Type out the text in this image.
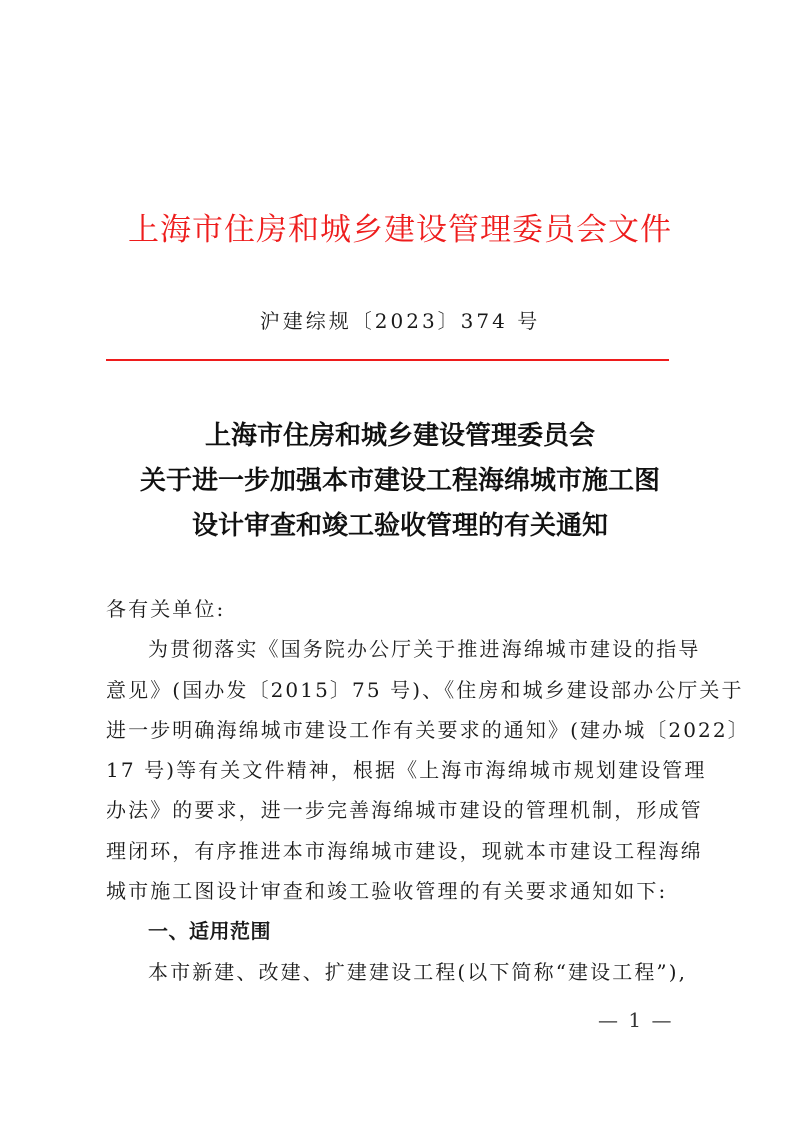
上海市住房和城乡建设管理委员会文件
沪建综规〔2023〕374 号
上海市住房和城乡建设管理委员会
关于进一步加强本市建设工程海绵城市施工图
设计审查和竣工验收管理的有关通知
各有关单位:
为贯彻落实《国务院办公厅关于推进海绵城市建设的指导
意见》(国办发〔2015〕75 号)、《住房和城乡建设部办公厅关于
进一步明确海绵城市建设工作有关要求的通知》(建办城〔2022〕
17 号)等有关文件精神，根据《上海市海绵城市规划建设管理
办法》的要求，进一步完善海绵城市建设的管理机制，形成管
理闭环，有序推进本市海绵城市建设，现就本市建设工程海绵
城市施工图设计审查和竣工验收管理的有关要求通知如下:
一、适用范围
本市新建、改建、扩建建设工程(以下简称“建设工程”),
— 1 —
